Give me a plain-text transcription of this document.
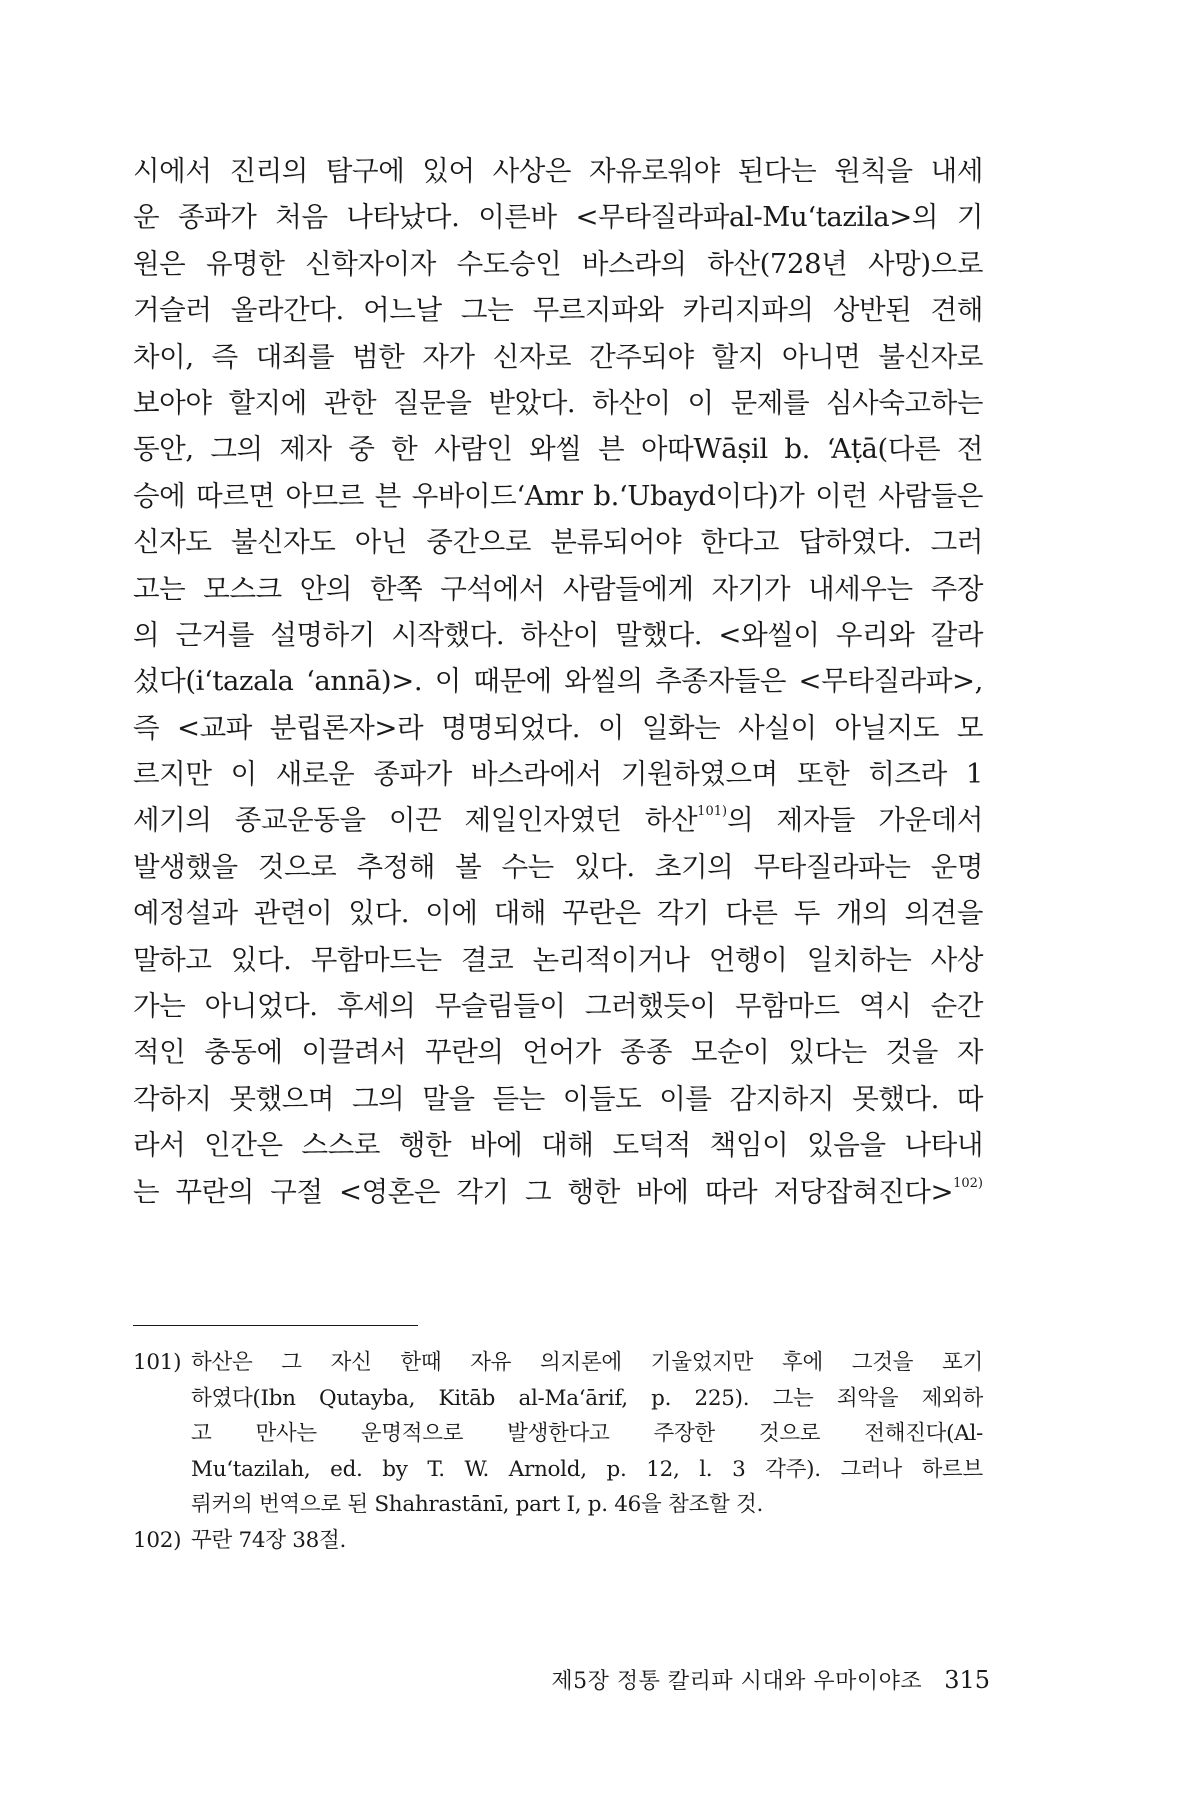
시에서 진리의 탐구에 있어 사상은 자유로워야 된다는 원칙을 내세
운 종파가 처음 나타났다. 이른바 <무타질라파al-Mu‘tazila>의 기
원은 유명한 신학자이자 수도승인 바스라의 하산(728년 사망)으로
거슬러 올라간다. 어느날 그는 무르지파와 카리지파의 상반된 견해
차이, 즉 대죄를 범한 자가 신자로 간주되야 할지 아니면 불신자로
보아야 할지에 관한 질문을 받았다. 하산이 이 문제를 심사숙고하는
동안, 그의 제자 중 한 사람인 와씰 븐 아따Wāṣil b. ‘Aṭā(다른 전
승에 따르면 아므르 븐 우바이드‘Amr b.‘Ubayd이다)가 이런 사람들은
신자도 불신자도 아닌 중간으로 분류되어야 한다고 답하였다. 그러
고는 모스크 안의 한쪽 구석에서 사람들에게 자기가 내세우는 주장
의 근거를 설명하기 시작했다. 하산이 말했다. <와씰이 우리와 갈라
섰다(i‘tazala ‘annā)>. 이 때문에 와씰의 추종자들은 <무타질라파>,
즉 <교파 분립론자>라 명명되었다. 이 일화는 사실이 아닐지도 모
르지만 이 새로운 종파가 바스라에서 기원하였으며 또한 히즈라 1
세기의 종교운동을 이끈 제일인자였던 하산$^{101)}$의 제자들 가운데서
발생했을 것으로 추정해 볼 수는 있다. 초기의 무타질라파는 운명
예정설과 관련이 있다. 이에 대해 꾸란은 각기 다른 두 개의 의견을
말하고 있다. 무함마드는 결코 논리적이거나 언행이 일치하는 사상
가는 아니었다. 후세의 무슬림들이 그러했듯이 무함마드 역시 순간
적인 충동에 이끌려서 꾸란의 언어가 종종 모순이 있다는 것을 자
각하지 못했으며 그의 말을 듣는 이들도 이를 감지하지 못했다. 따
라서 인간은 스스로 행한 바에 대해 도덕적 책임이 있음을 나타내
는 꾸란의 구절 <영혼은 각기 그 행한 바에 따라 저당잡혀진다>$^{102)}$
101) 하산은 그 자신 한때 자유 의지론에 기울었지만 후에 그것을 포기
하였다(Ibn Qutayba, Kitāb al-Ma‘ārif, p. 225). 그는 죄악을 제외하
고 만사는 운명적으로 발생한다고 주장한 것으로 전해진다(Al-
Mu‘tazilah, ed. by T. W. Arnold, p. 12, l. 3 각주). 그러나 하르브
뤼커의 번역으로 된 Shahrastānī, part I, p. 46을 참조할 것.
102) 꾸란 74장 38절.
제5장 정통 칼리파 시대와 우마이야조 315
